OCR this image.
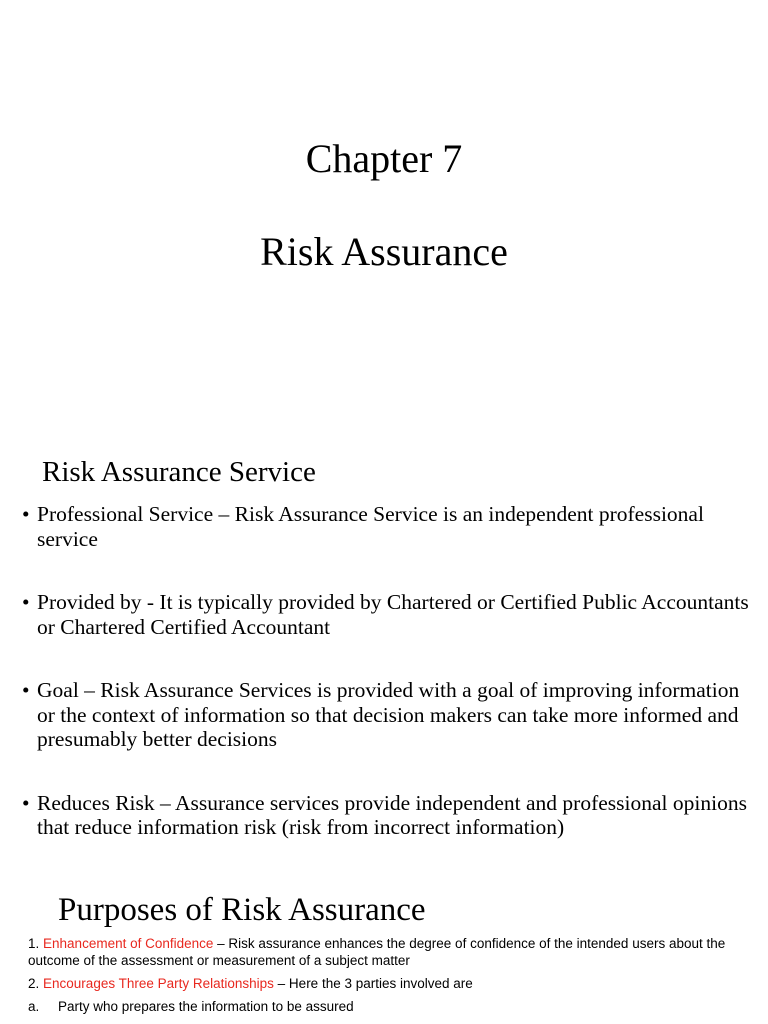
Chapter 7
Risk Assurance
Risk Assurance Service
• Professional Service – Risk Assurance Service is an independent professional service
• Provided by - It is typically provided by Chartered or Certified Public Accountants or Chartered Certified Accountant
• Goal – Risk Assurance Services is provided with a goal of improving information or the context of information so that decision makers can take more informed and presumably better decisions
• Reduces Risk – Assurance services provide independent and professional opinions that reduce information risk (risk from incorrect information)
Purposes of Risk Assurance

1. Enhancement of Confidence – Risk assurance enhances the degree of confidence of the intended users about the outcome of the assessment or measurement of a subject matter

2. Encourages Three Party Relationships – Here the 3 parties involved are

a.	Party who prepares the information to be assured
